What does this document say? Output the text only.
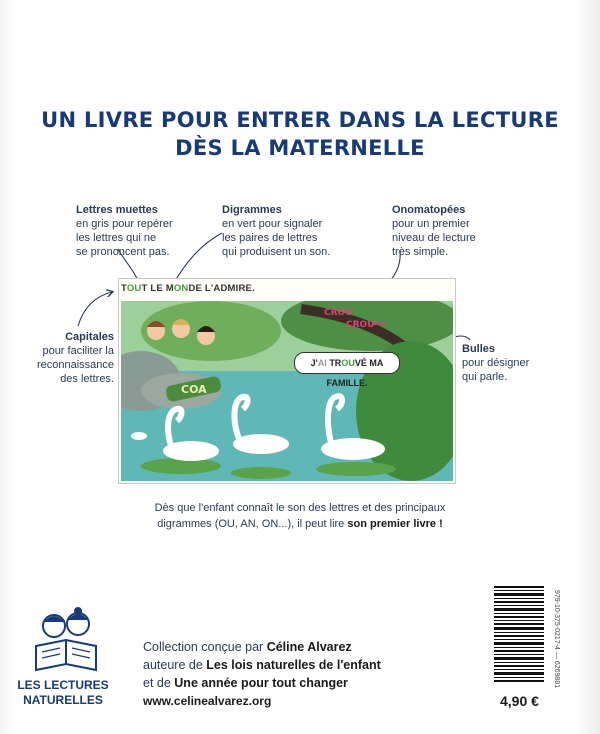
UN LIVRE POUR ENTRER DANS LA LECTURE
DÈS LA MATERNELLE
Lettres muettes
en gris pour repérer
les lettres qui ne
se prononcent pas.
Digrammes
en vert pour signaler
les paires de lettres
qui produisent un son.
Onomatopées
pour un premier
niveau de lecture
très simple.
Capitales
pour faciliter la
reconnaissance
des lettres.
Bulles
pour désigner
qui parle.
TOUT LE MONDE L'ADMIRE.
COA
CROU
CROU
zzz
J'AI TROUVÉ MA FAMILLE.
Dès que l'enfant connaît le son des lettres et des principaux
digrammes (OU, AN, ON...), il peut lire son premier livre !
LES LECTURES
NATURELLES
Collection conçue par Céline Alvarez
auteure de Les lois naturelles de l'enfant
et de Une année pour tout changer
www.celinealvarez.org
979-10-375-0217-4 — 6269881
4,90 €
